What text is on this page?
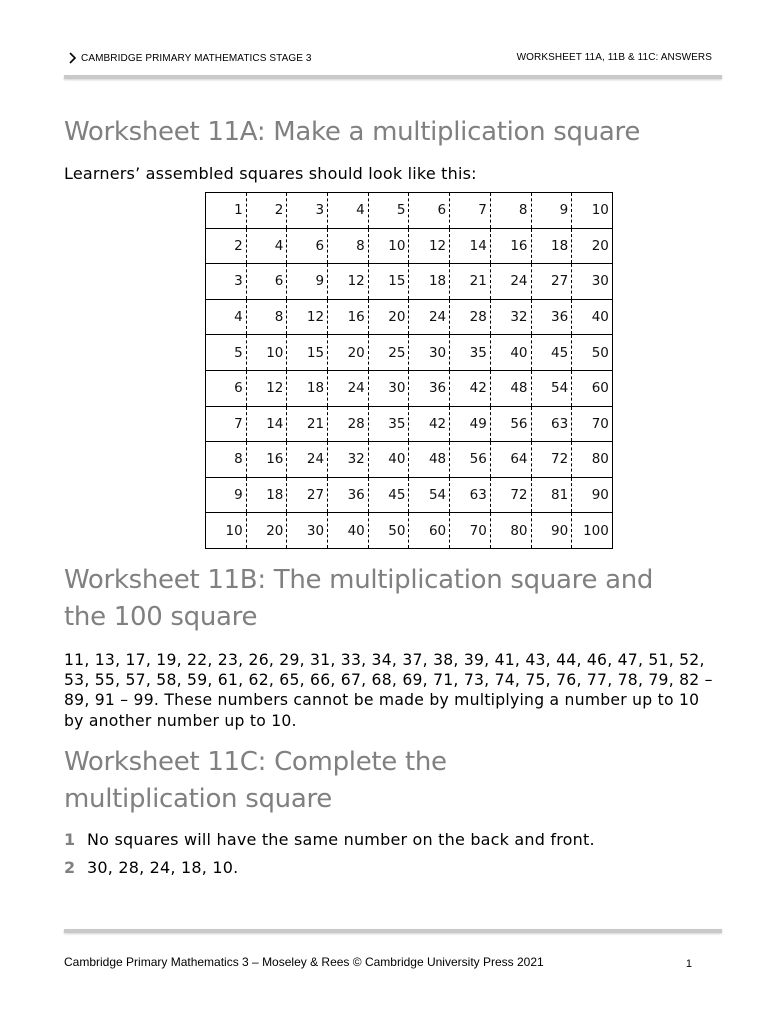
CAMBRIDGE PRIMARY MATHEMATICS STAGE 3	WORKSHEET 11A, 11B & 11C: ANSWERS
Worksheet 11A: Make a multiplication square
Learners’ assembled squares should look like this:
1	2	3	4	5	6	7	8	9	10
2	4	6	8	10	12	14	16	18	20
3	6	9	12	15	18	21	24	27	30
4	8	12	16	20	24	28	32	36	40
5	10	15	20	25	30	35	40	45	50
6	12	18	24	30	36	42	48	54	60
7	14	21	28	35	42	49	56	63	70
8	16	24	32	40	48	56	64	72	80
9	18	27	36	45	54	63	72	81	90
10	20	30	40	50	60	70	80	90	100
Worksheet 11B: The multiplication square and the 100 square

11, 13, 17, 19, 22, 23, 26, 29, 31, 33, 34, 37, 38, 39, 41, 43, 44, 46, 47, 51, 52, 53, 55, 57, 58, 59, 61, 62, 65, 66, 67, 68, 69, 71, 73, 74, 75, 76, 77, 78, 79, 82 – 89, 91 – 99. These numbers cannot be made by multiplying a number up to 10 by another number up to 10.

Worksheet 11C: Complete the multiplication square
1 No squares will have the same number on the back and front.
2 30, 28, 24, 18, 10.
Cambridge Primary Mathematics 3 – Moseley & Rees © Cambridge University Press 2021	1
